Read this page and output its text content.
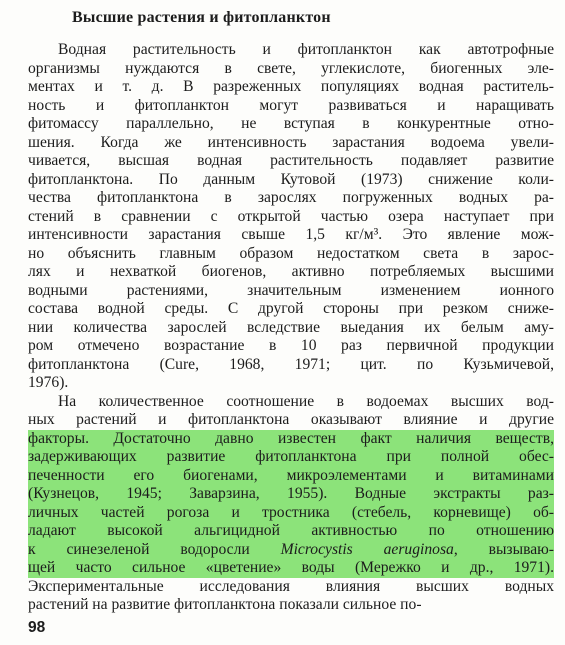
Высшие растения и фитопланктон
Водная растительность и фитопланктон как автотрофные
организмы нуждаются в свете, углекислоте, биогенных эле-
ментах и т. д. В разреженных популяциях водная раститель-
ность и фитопланктон могут развиваться и наращивать
фитомассу параллельно, не вступая в конкурентные отно-
шения. Когда же интенсивность зарастания водоема увели-
чивается, высшая водная растительность подавляет развитие
фитопланктона. По данным Кутовой (1973) снижение коли-
чества фитопланктона в зарослях погруженных водных ра-
стений в сравнении с открытой частью озера наступает при
интенсивности зарастания свыше 1,5 кг/м³. Это явление мож-
но объяснить главным образом недостатком света в зарос-
лях и нехваткой биогенов, активно потребляемых высшими
водными растениями, значительным изменением ионного
состава водной среды. С другой стороны при резком сниже-
нии количества зарослей вследствие выедания их белым аму-
ром отмечено возрастание в 10 раз первичной продукции
фитопланктона (Cure, 1968, 1971; цит. по Кузьмичевой,
1976).
На количественное соотношение в водоемах высших вод-
ных растений и фитопланктона оказывают влияние и другие
факторы. Достаточно давно известен факт наличия веществ,
задерживающих развитие фитопланктона при полной обес-
печенности его биогенами, микроэлементами и витаминами
(Кузнецов, 1945; Заварзина, 1955). Водные экстракты раз-
личных частей рогоза и тростника (стебель, корневище) об-
ладают высокой альгицидной активностью по отношению
к синезеленой водоросли Microcystis aeruginosa, вызываю-
щей часто сильное «цветение» воды (Мережко и др., 1971).
Экспериментальные исследования влияния высших водных
растений на развитие фитопланктона показали сильное по-
98
